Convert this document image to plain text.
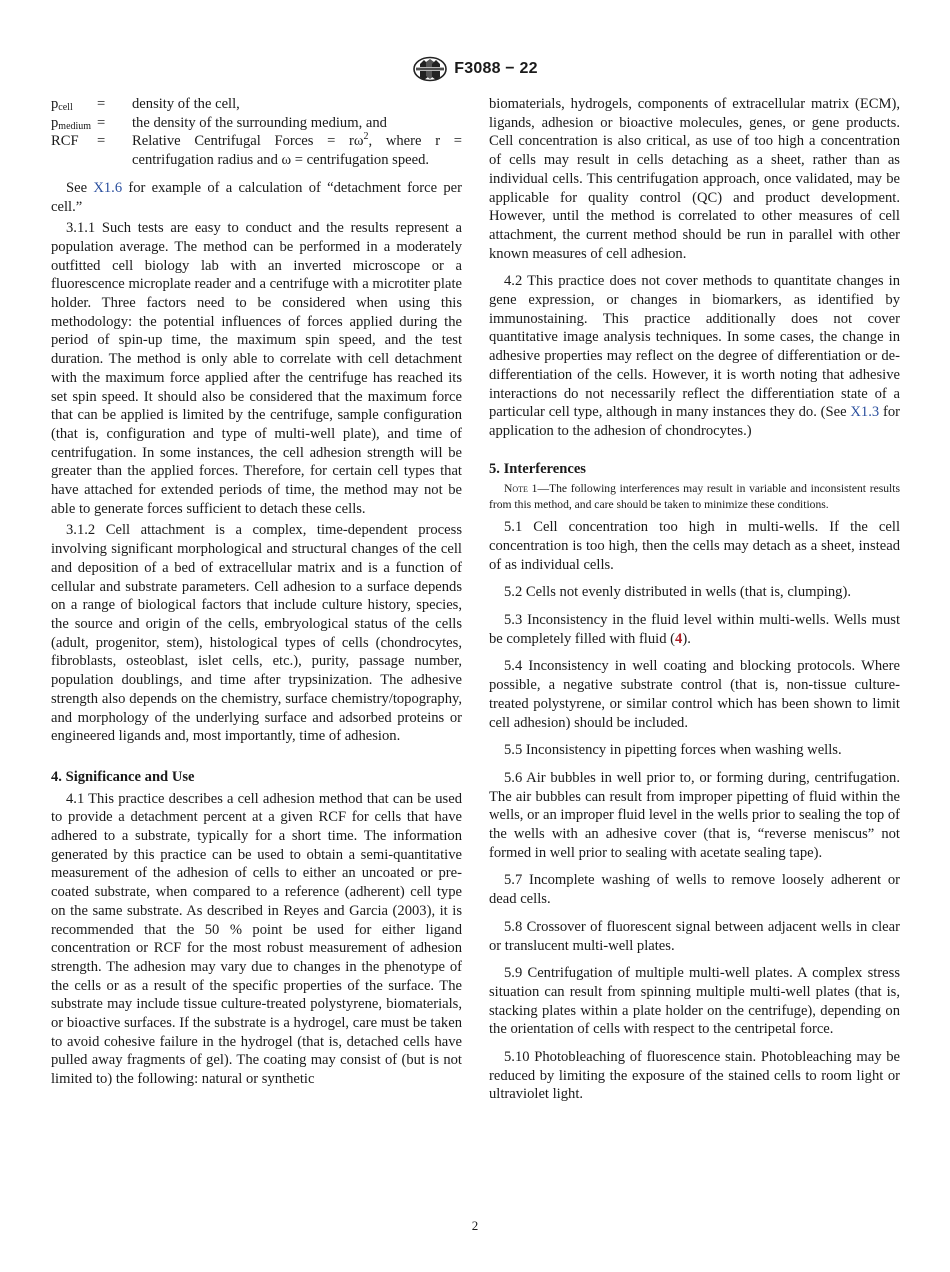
F3088 − 22
$p_{cell}$	=	density of the cell,
$p_{medium}$	=	the density of the surrounding medium, and
RCF	=	Relative Centrifugal Forces = $r\omega^2$, where r = centrifugation radius and ω = centrifugation speed.

See X1.6 for example of a calculation of “detachment force per cell.”

3.1.1 Such tests are easy to conduct and the results represent a population average. The method can be performed in a moderately outfitted cell biology lab with an inverted microscope or a fluorescence microplate reader and a centrifuge with a microtiter plate holder. Three factors need to be considered when using this methodology: the potential influences of forces applied during the period of spin-up time, the maximum spin speed, and the test duration. The method is only able to correlate with cell detachment with the maximum force applied after the centrifuge has reached its set spin speed. It should also be considered that the maximum force that can be applied is limited by the centrifuge, sample configuration (that is, configuration and type of multi-well plate), and time of centrifugation. In some instances, the cell adhesion strength will be greater than the applied forces. Therefore, for certain cell types that have attached for extended periods of time, the method may not be able to generate forces sufficient to detach these cells.

3.1.2 Cell attachment is a complex, time-dependent process involving significant morphological and structural changes of the cell and deposition of a bed of extracellular matrix and is a function of cellular and substrate parameters. Cell adhesion to a surface depends on a range of biological factors that include culture history, species, the source and origin of the cells, embryological status of the cells (adult, progenitor, stem), histological types of cells (chondrocytes, fibroblasts, osteoblast, islet cells, etc.), purity, passage number, population doublings, and time after trypsinization. The adhesive strength also depends on the chemistry, surface chemistry/topography, and morphology of the underlying surface and adsorbed proteins or engineered ligands and, most importantly, time of adhesion.

4. Significance and Use

4.1 This practice describes a cell adhesion method that can be used to provide a detachment percent at a given RCF for cells that have adhered to a substrate, typically for a short time. The information generated by this practice can be used to obtain a semi-quantitative measurement of the adhesion of cells to either an uncoated or pre-coated substrate, when compared to a reference (adherent) cell type on the same substrate. As described in Reyes and Garcia (2003), it is recommended that the 50 % point be used for either ligand concentration or RCF for the most robust measurement of adhesion strength. The adhesion may vary due to changes in the phenotype of the cells or as a result of the specific properties of the surface. The substrate may include tissue culture-treated polystyrene, biomaterials, or bioactive surfaces. If the substrate is a hydrogel, care must be taken to avoid cohesive failure in the hydrogel (that is, detached cells have pulled away fragments of gel). The coating may consist of (but is not limited to) the following: natural or synthetic

biomaterials, hydrogels, components of extracellular matrix (ECM), ligands, adhesion or bioactive molecules, genes, or gene products. Cell concentration is also critical, as use of too high a concentration of cells may result in cells detaching as a sheet, rather than as individual cells. This centrifugation approach, once validated, may be applicable for quality control (QC) and product development. However, until the method is correlated to other measures of cell attachment, the current method should be run in parallel with other known measures of cell adhesion.

4.2 This practice does not cover methods to quantitate changes in gene expression, or changes in biomarkers, as identified by immunostaining. This practice additionally does not cover quantitative image analysis techniques. In some cases, the change in adhesive properties may reflect on the degree of differentiation or de-differentiation of the cells. However, it is worth noting that adhesive interactions do not necessarily reflect the differentiation state of a particular cell type, although in many instances they do. (See X1.3 for application to the adhesion of chondrocytes.)

5. Interferences

Note 1—The following interferences may result in variable and inconsistent results from this method, and care should be taken to minimize these conditions.

5.1 Cell concentration too high in multi-wells. If the cell concentration is too high, then the cells may detach as a sheet, instead of as individual cells.

5.2 Cells not evenly distributed in wells (that is, clumping).

5.3 Inconsistency in the fluid level within multi-wells. Wells must be completely filled with fluid (4).

5.4 Inconsistency in well coating and blocking protocols. Where possible, a negative substrate control (that is, non-tissue culture-treated polystyrene, or similar control which has been shown to limit cell adhesion) should be included.

5.5 Inconsistency in pipetting forces when washing wells.

5.6 Air bubbles in well prior to, or forming during, centrifugation. The air bubbles can result from improper pipetting of fluid within the wells, or an improper fluid level in the wells prior to sealing the top of the wells with an adhesive cover (that is, “reverse meniscus” not formed in well prior to sealing with acetate sealing tape).

5.7 Incomplete washing of wells to remove loosely adherent or dead cells.

5.8 Crossover of fluorescent signal between adjacent wells in clear or translucent multi-well plates.

5.9 Centrifugation of multiple multi-well plates. A complex stress situation can result from spinning multiple multi-well plates (that is, stacking plates within a plate holder on the centrifuge), depending on the orientation of cells with respect to the centripetal force.

5.10 Photobleaching of fluorescence stain. Photobleaching may be reduced by limiting the exposure of the stained cells to room light or ultraviolet light.

2
